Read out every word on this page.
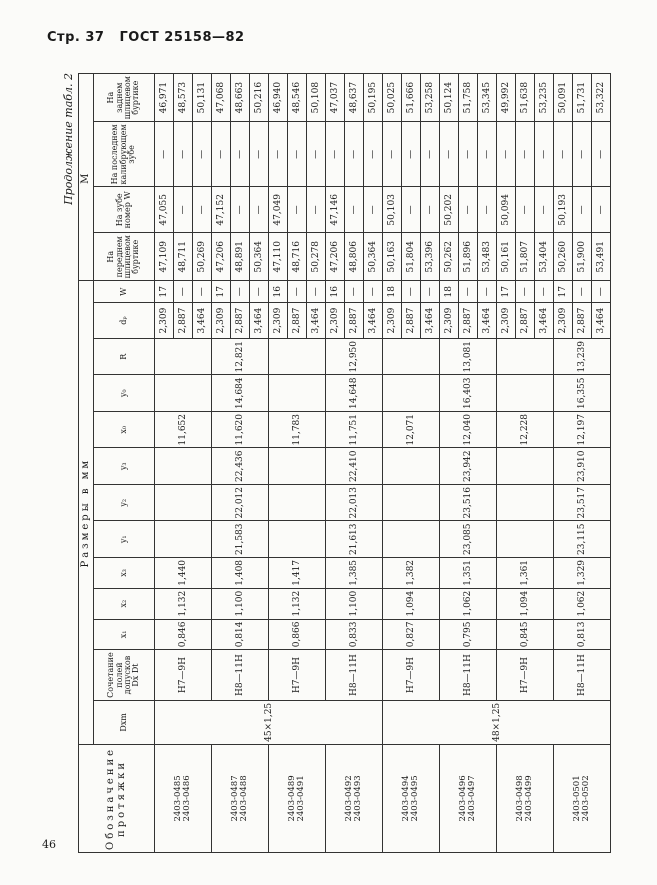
Стр. 37 ГОСТ 25158—82
46
Продолжение табл. 2
Обозначение протяжки	Размеры в мм													M			
	Dxm	Сочетание полей допусков Dx Dt	x₁	x₂	x₃	y₁	y₂	y₃	x₀	y₀	R	dₚ	W	На переднем шлицевом буртике	На зубе номер W	На последнем калибрующем зубе	На заднем шлицевом буртике
2403-0485
2403-0486	45×1,25	H7—9H	0,846	1,132	1,440				11,652			2,309	17	47,109	47,055	—	46,971
												2,887	—	48,711	—	—	48,573
												3,464	—	50,269	—	—	50,131
2403-0487
2403-0488		H8—11H	0,814	1,100	1,408	21,583	22,012	22,436	11,620	14,684	12,821	2,309	17	47,206	47,152	—	47,068
												2,887	—	48,891	—	—	48,663
												3,464	—	50,364	—	—	50,216
2403-0489
2403-0491		H7—9H	0,866	1,132	1,417				11,783			2,309	16	47,110	47,049	—	46,940
												2,887	—	48,716	—	—	48,546
												3,464	—	50,278	—	—	50,108
2403-0492
2403-0493		H8—11H	0,833	1,100	1,385	21,613	22,013	22,410	11,751	14,648	12,950	2,309	16	47,206	47,146	—	47,037
												2,887	—	48,806	—	—	48,637
												3,464	—	50,364	—	—	50,195
2403-0494
2403-0495	48×1,25	H7—9H	0,827	1,094	1,382				12,071			2,309	18	50,163	50,103	—	50,025
												2,887	—	51,804	—	—	51,666
												3,464	—	53,396	—	—	53,258
2403-0496
2403-0497		H8—11H	0,795	1,062	1,351	23,085	23,516	23,942	12,040	16,403	13,081	2,309	18	50,262	50,202	—	50,124
												2,887	—	51,896	—	—	51,758
												3,464	—	53,483	—	—	53,345
2403-0498
2403-0499		H7—9H	0,845	1,094	1,361				12,228			2,309	17	50,161	50,094	—	49,992
												2,887	—	51,807	—	—	51,638
												3,464	—	53,404	—	—	53,235
2403-0501
2403-0502		H8—11H	0,813	1,062	1,329	23,115	23,517	23,910	12,197	16,355	13,239	2,309	17	50,260	50,193	—	50,091
												2,887	—	51,900	—	—	51,731
												3,464	—	53,491	—	—	53,322
